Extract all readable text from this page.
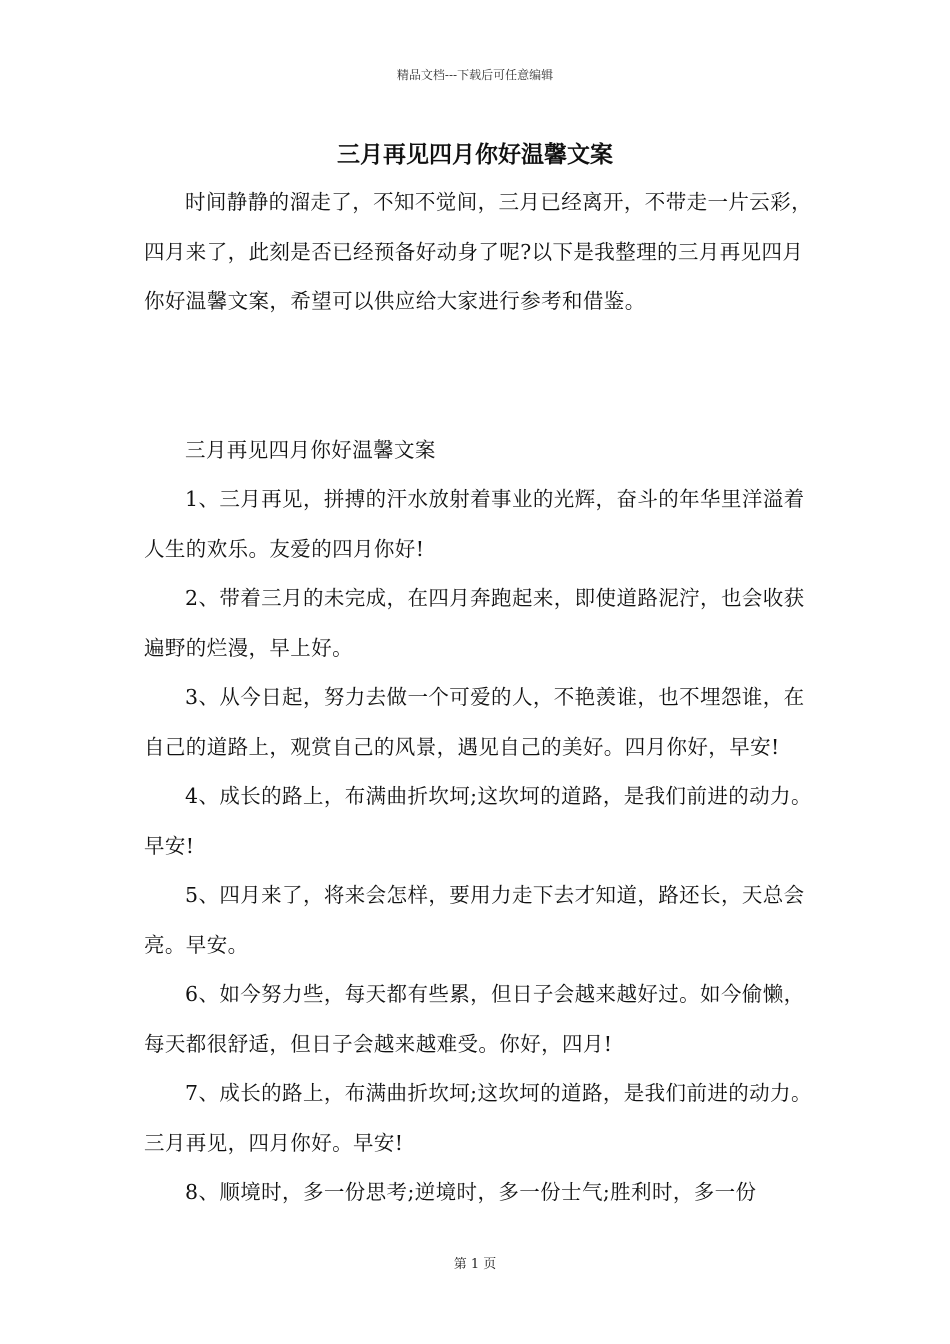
精品文档---下载后可任意编辑
三月再见四月你好温馨文案

时间静静的溜走了，不知不觉间，三月已经离开，不带走一片云彩，四月来了，此刻是否已经预备好动身了呢?以下是我整理的三月再见四月你好温馨文案，希望可以供应给大家进行参考和借鉴。

三月再见四月你好温馨文案

1、三月再见，拼搏的汗水放射着事业的光辉，奋斗的年华里洋溢着人生的欢乐。友爱的四月你好!

2、带着三月的未完成，在四月奔跑起来，即使道路泥泞，也会收获遍野的烂漫，早上好。

3、从今日起，努力去做一个可爱的人，不艳羡谁，也不埋怨谁，在自己的道路上，观赏自己的风景，遇见自己的美好。四月你好，早安!

4、成长的路上，布满曲折坎坷;这坎坷的道路，是我们前进的动力。早安!

5、四月来了，将来会怎样，要用力走下去才知道，路还长，天总会亮。早安。

6、如今努力些，每天都有些累，但日子会越来越好过。如今偷懒，每天都很舒适，但日子会越来越难受。你好，四月!

7、成长的路上，布满曲折坎坷;这坎坷的道路，是我们前进的动力。三月再见，四月你好。早安!

8、顺境时，多一份思考;逆境时，多一份士气;胜利时，多一份

第 1 页
